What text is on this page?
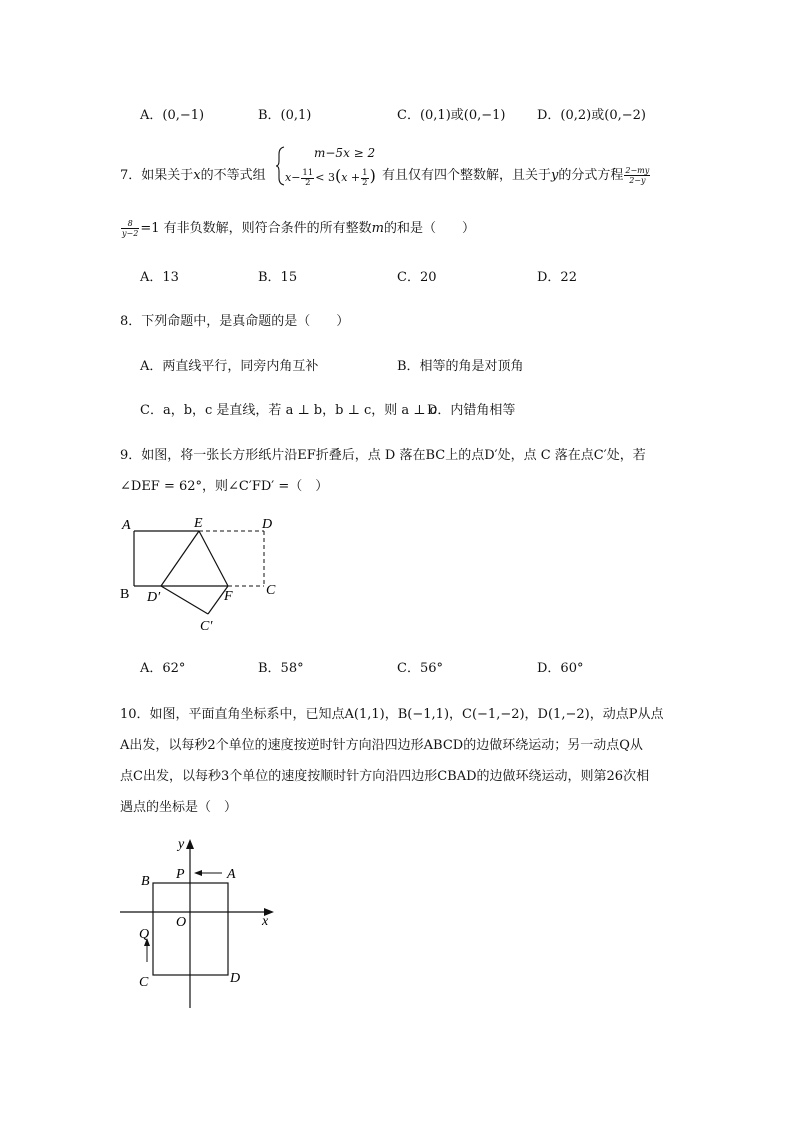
A．(0,−1)	B．(0,1)	C．(0,1)或(0,−1) D．(0,2)或(0,−2)
7．如果关于x的不等式组
m−5x ≥ 2
$x- \frac{11}{2} < 3(x + \frac{1}{2}$ ) 有且仅有四个整数解，且关于y的分式方程 $\frac{2-my}{2-y}$
$\frac{8}{y-2} =1$ 有非负数解，则符合条件的所有整数m的和是（　　）
A．13	B．15	C．20	D．22
8．下列命题中，是真命题的是（　　）
A．两直线平行，同旁内角互补	B．相等的角是对顶角
C．a，b，c 是直线，若 a ⊥ b，b ⊥ c，则 a ⊥ c
D．内错角相等
9．如图，将一张长方形纸片沿EF折叠后，点 D 落在BC上的点D′处，点 C 落在点C′处，若
∠DEF = 62°，则∠C′FD′ =（　）
A	E	D
B D′	F C
C′
A．62°	B．58°	C．56°	D．60°
10．如图，平面直角坐标系中，已知点A(1,1)，B(−1,1)，C(−1,−2)，D(1,−2)，动点P从点
A出发，以每秒2个单位的速度按逆时针方向沿四边形ABCD的边做环绕运动；另一动点Q从
点C出发，以每秒3个单位的速度按顺时针方向沿四边形CBAD的边做环绕运动，则第26次相
遇点的坐标是（　）
y
x
B P	A
O
Q
C	D
